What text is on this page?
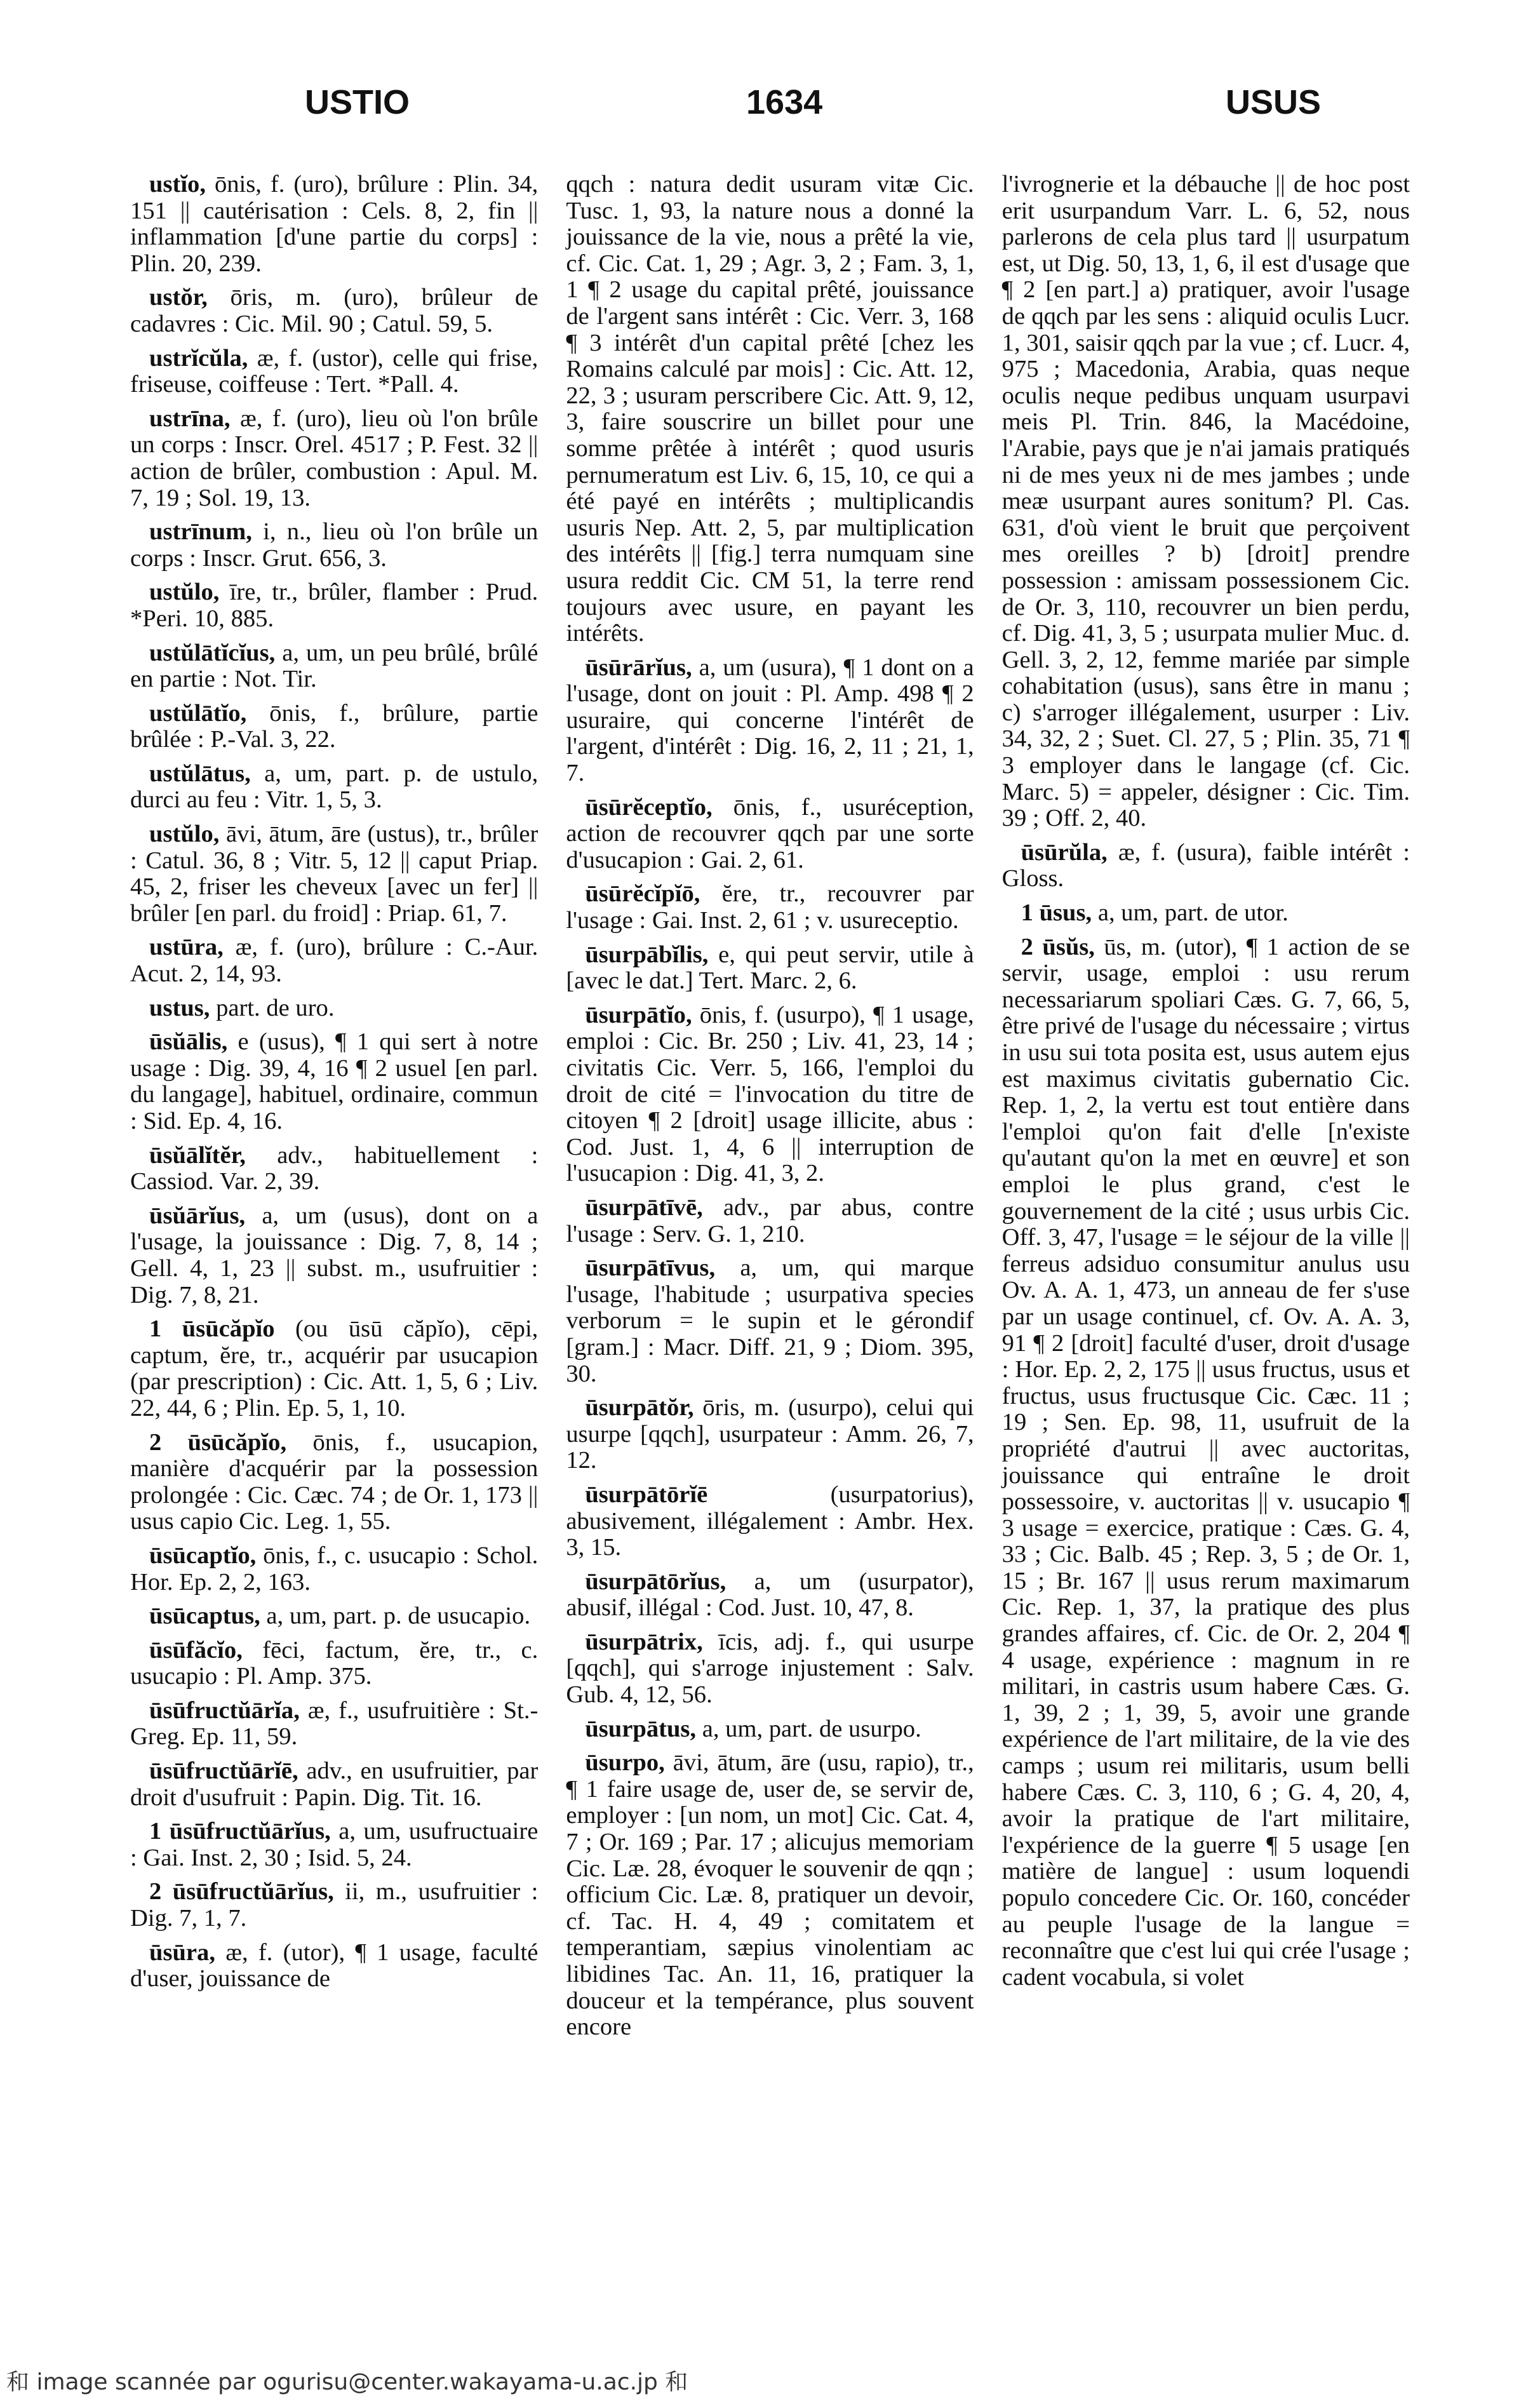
USTIO	1634	USUS

ustĭo, ōnis, f. (uro), brûlure : Plin. 34, 151 || cautérisation : Cels. 8, 2, fin || inflammation [d'une partie du corps] : Plin. 20, 239.

ustŏr, ōris, m. (uro), brûleur de cadavres : Cic. Mil. 90 ; Catul. 59, 5.

ustrĭcŭla, æ, f. (ustor), celle qui frise, friseuse, coiffeuse : Tert. *Pall. 4.

ustrīna, æ, f. (uro), lieu où l'on brûle un corps : Inscr. Orel. 4517 ; P. Fest. 32 || action de brûler, combustion : Apul. M. 7, 19 ; Sol. 19, 13.

ustrīnum, i, n., lieu où l'on brûle un corps : Inscr. Grut. 656, 3.

ustŭlo, īre, tr., brûler, flamber : Prud. *Peri. 10, 885.

ustŭlātĭcĭus, a, um, un peu brûlé, brûlé en partie : Not. Tir.

ustŭlātĭo, ōnis, f., brûlure, partie brûlée : P.-Val. 3, 22.

ustŭlātus, a, um, part. p. de ustulo, durci au feu : Vitr. 1, 5, 3.

ustŭlo, āvi, ātum, āre (ustus), tr., brûler : Catul. 36, 8 ; Vitr. 5, 12 || caput Priap. 45, 2, friser les cheveux [avec un fer] || brûler [en parl. du froid] : Priap. 61, 7.

ustūra, æ, f. (uro), brûlure : C.-Aur. Acut. 2, 14, 93.

ustus, part. de uro.

ūsŭālis, e (usus), ¶ 1 qui sert à notre usage : Dig. 39, 4, 16 ¶ 2 usuel [en parl. du langage], habituel, ordinaire, commun : Sid. Ep. 4, 16.

ūsŭālĭtĕr, adv., habituellement : Cassiod. Var. 2, 39.

ūsŭārĭus, a, um (usus), dont on a l'usage, la jouissance : Dig. 7, 8, 14 ; Gell. 4, 1, 23 || subst. m., usufruitier : Dig. 7, 8, 21.

1 ūsūcăpĭo (ou ūsū căpĭo), cēpi, captum, ĕre, tr., acquérir par usucapion (par prescription) : Cic. Att. 1, 5, 6 ; Liv. 22, 44, 6 ; Plin. Ep. 5, 1, 10.

2 ūsūcăpĭo, ōnis, f., usucapion, manière d'acquérir par la possession prolongée : Cic. Cæc. 74 ; de Or. 1, 173 || usus capio Cic. Leg. 1, 55.

ūsūcaptĭo, ōnis, f., c. usucapio : Schol. Hor. Ep. 2, 2, 163.

ūsūcaptus, a, um, part. p. de usucapio.

ūsūfăcĭo, fēci, factum, ĕre, tr., c. usucapio : Pl. Amp. 375.

ūsūfructŭārĭa, æ, f., usufruitière : St.-Greg. Ep. 11, 59.

ūsūfructŭārĭē, adv., en usufruitier, par droit d'usufruit : Papin. Dig. Tit. 16.

1 ūsūfructŭārĭus, a, um, usufructuaire : Gai. Inst. 2, 30 ; Isid. 5, 24.

2 ūsūfructŭārĭus, ii, m., usufruitier : Dig. 7, 1, 7.

ūsūra, æ, f. (utor), ¶ 1 usage, faculté d'user, jouissance de

qqch : natura dedit usuram vitæ Cic. Tusc. 1, 93, la nature nous a donné la jouissance de la vie, nous a prêté la vie, cf. Cic. Cat. 1, 29 ; Agr. 3, 2 ; Fam. 3, 1, 1 ¶ 2 usage du capital prêté, jouissance de l'argent sans intérêt : Cic. Verr. 3, 168 ¶ 3 intérêt d'un capital prêté [chez les Romains calculé par mois] : Cic. Att. 12, 22, 3 ; usuram perscribere Cic. Att. 9, 12, 3, faire souscrire un billet pour une somme prêtée à intérêt ; quod usuris pernumeratum est Liv. 6, 15, 10, ce qui a été payé en intérêts ; multiplicandis usuris Nep. Att. 2, 5, par multiplication des intérêts || [fig.] terra numquam sine usura reddit Cic. CM 51, la terre rend toujours avec usure, en payant les intérêts.

ūsūrārĭus, a, um (usura), ¶ 1 dont on a l'usage, dont on jouit : Pl. Amp. 498 ¶ 2 usuraire, qui concerne l'intérêt de l'argent, d'intérêt : Dig. 16, 2, 11 ; 21, 1, 7.

ūsūrĕceptĭo, ōnis, f., usuréception, action de recouvrer qqch par une sorte d'usucapion : Gai. 2, 61.

ūsūrĕcĭpĭō, ĕre, tr., recouvrer par l'usage : Gai. Inst. 2, 61 ; v. usureceptio.

ūsurpābĭlis, e, qui peut servir, utile à [avec le dat.] Tert. Marc. 2, 6.

ūsurpātĭo, ōnis, f. (usurpo), ¶ 1 usage, emploi : Cic. Br. 250 ; Liv. 41, 23, 14 ; civitatis Cic. Verr. 5, 166, l'emploi du droit de cité = l'invocation du titre de citoyen ¶ 2 [droit] usage illicite, abus : Cod. Just. 1, 4, 6 || interruption de l'usucapion : Dig. 41, 3, 2.

ūsurpātīvē, adv., par abus, contre l'usage : Serv. G. 1, 210.

ūsurpātīvus, a, um, qui marque l'usage, l'habitude ; usurpativa species verborum = le supin et le gérondif [gram.] : Macr. Diff. 21, 9 ; Diom. 395, 30.

ūsurpātŏr, ōris, m. (usurpo), celui qui usurpe [qqch], usurpateur : Amm. 26, 7, 12.

ūsurpātōrĭē (usurpatorius), abusivement, illégalement : Ambr. Hex. 3, 15.

ūsurpātōrĭus, a, um (usurpator), abusif, illégal : Cod. Just. 10, 47, 8.

ūsurpātrix, īcis, adj. f., qui usurpe [qqch], qui s'arroge injustement : Salv. Gub. 4, 12, 56.

ūsurpātus, a, um, part. de usurpo.

ūsurpo, āvi, ātum, āre (usu, rapio), tr., ¶ 1 faire usage de, user de, se servir de, employer : [un nom, un mot] Cic. Cat. 4, 7 ; Or. 169 ; Par. 17 ; alicujus memoriam Cic. Læ. 28, évoquer le souvenir de qqn ; officium Cic. Læ. 8, pratiquer un devoir, cf. Tac. H. 4, 49 ; comitatem et temperantiam, sæpius vinolentiam ac libidines Tac. An. 11, 16, pratiquer la douceur et la tempérance, plus souvent encore

l'ivrognerie et la débauche || de hoc post erit usurpandum Varr. L. 6, 52, nous parlerons de cela plus tard || usurpatum est, ut Dig. 50, 13, 1, 6, il est d'usage que ¶ 2 [en part.] a) pratiquer, avoir l'usage de qqch par les sens : aliquid oculis Lucr. 1, 301, saisir qqch par la vue ; cf. Lucr. 4, 975 ; Macedonia, Arabia, quas neque oculis neque pedibus unquam usurpavi meis Pl. Trin. 846, la Macédoine, l'Arabie, pays que je n'ai jamais pratiqués ni de mes yeux ni de mes jambes ; unde meæ usurpant aures sonitum? Pl. Cas. 631, d'où vient le bruit que perçoivent mes oreilles ? b) [droit] prendre possession : amissam possessionem Cic. de Or. 3, 110, recouvrer un bien perdu, cf. Dig. 41, 3, 5 ; usurpata mulier Muc. d. Gell. 3, 2, 12, femme mariée par simple cohabitation (usus), sans être in manu ; c) s'arroger illégalement, usurper : Liv. 34, 32, 2 ; Suet. Cl. 27, 5 ; Plin. 35, 71 ¶ 3 employer dans le langage (cf. Cic. Marc. 5) = appeler, désigner : Cic. Tim. 39 ; Off. 2, 40.

ūsūrŭla, æ, f. (usura), faible intérêt : Gloss.

1 ūsus, a, um, part. de utor.

2 ūsŭs, ūs, m. (utor), ¶ 1 action de se servir, usage, emploi : usu rerum necessariarum spoliari Cæs. G. 7, 66, 5, être privé de l'usage du nécessaire ; virtus in usu sui tota posita est, usus autem ejus est maximus civitatis gubernatio Cic. Rep. 1, 2, la vertu est tout entière dans l'emploi qu'on fait d'elle [n'existe qu'autant qu'on la met en œuvre] et son emploi le plus grand, c'est le gouvernement de la cité ; usus urbis Cic. Off. 3, 47, l'usage = le séjour de la ville || ferreus adsiduo consumitur anulus usu Ov. A. A. 1, 473, un anneau de fer s'use par un usage continuel, cf. Ov. A. A. 3, 91 ¶ 2 [droit] faculté d'user, droit d'usage : Hor. Ep. 2, 2, 175 || usus fructus, usus et fructus, usus fructusque Cic. Cæc. 11 ; 19 ; Sen. Ep. 98, 11, usufruit de la propriété d'autrui || avec auctoritas, jouissance qui entraîne le droit possessoire, v. auctoritas || v. usucapio ¶ 3 usage = exercice, pratique : Cæs. G. 4, 33 ; Cic. Balb. 45 ; Rep. 3, 5 ; de Or. 1, 15 ; Br. 167 || usus rerum maximarum Cic. Rep. 1, 37, la pratique des plus grandes affaires, cf. Cic. de Or. 2, 204 ¶ 4 usage, expérience : magnum in re militari, in castris usum habere Cæs. G. 1, 39, 2 ; 1, 39, 5, avoir une grande expérience de l'art militaire, de la vie des camps ; usum rei militaris, usum belli habere Cæs. C. 3, 110, 6 ; G. 4, 20, 4, avoir la pratique de l'art militaire, l'expérience de la guerre ¶ 5 usage [en matière de langue] : usum loquendi populo concedere Cic. Or. 160, concéder au peuple l'usage de la langue = reconnaître que c'est lui qui crée l'usage ; cadent vocabula, si volet

和 image scannée par ogurisu@center.wakayama-u.ac.jp 和
